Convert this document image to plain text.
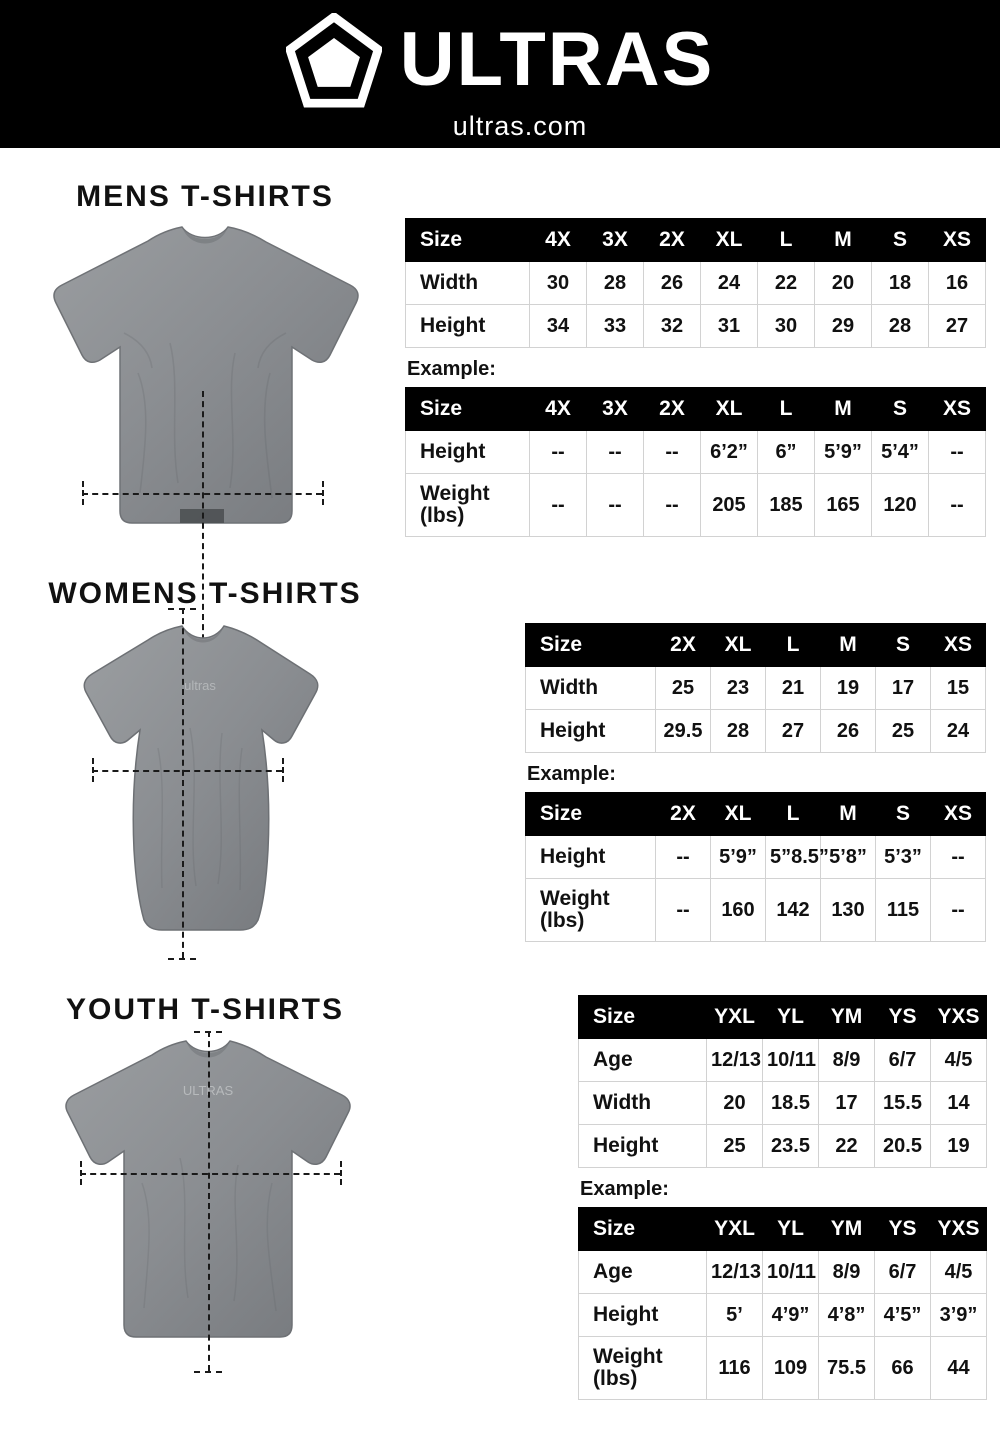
ULTRAS
ultras.com
MENS T-SHIRTS
Size	4X	3X	2X	XL	L	M	S	XS
Width	30	28	26	24	22	20	18	16
Height	34	33	32	31	30	29	28	27
Example:
Size	4X	3X	2X	XL	L	M	S	XS
Height	--	--	--	6’2”	6”	5’9”	5’4”	--
Weight (lbs)	--	--	--	205	185	165	120	--
WOMENS T-SHIRTS
ultras
Size	2X	XL	L	M	S	XS
Width	25	23	21	19	17	15
Height	29.5	28	27	26	25	24
Example:
Size	2X	XL	L	M	S	XS
Height	--	5’9”	5”8.5”	5’8”	5’3”	--
Weight (lbs)	--	160	142	130	115	--
YOUTH T-SHIRTS
ULTRAS
Size	YXL	YL	YM	YS	YXS
Age	12/13	10/11	8/9	6/7	4/5
Width	20	18.5	17	15.5	14
Height	25	23.5	22	20.5	19
Example:
Size	YXL	YL	YM	YS	YXS
Age	12/13	10/11	8/9	6/7	4/5
Height	5’	4’9”	4’8”	4’5”	3’9”
Weight (lbs)	116	109	75.5	66	44
